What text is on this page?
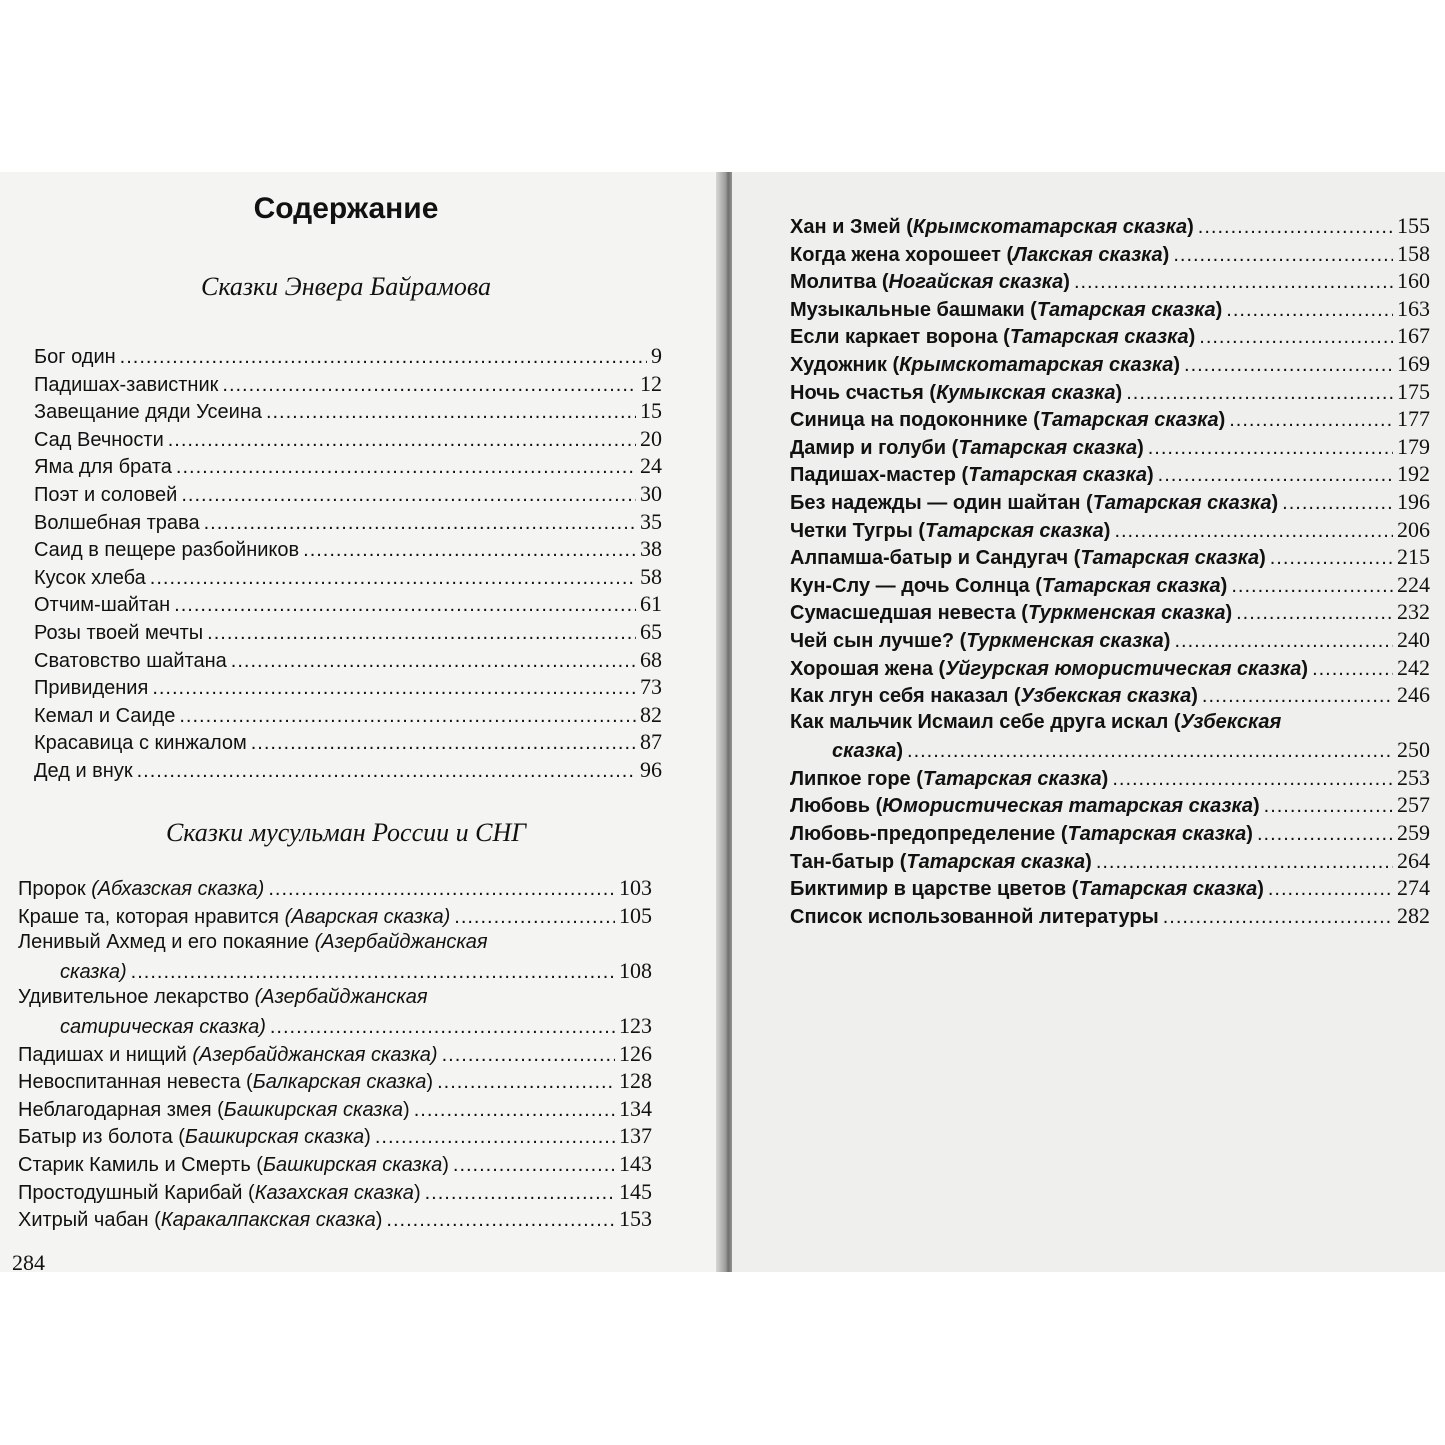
Содержание
Сказки Энвера Байрамова
Бог один .....	9
Падишах-завистник .....	12
Завещание дяди Усеина .....	15
Сад Вечности .....	20
Яма для брата .....	24
Поэт и соловей .....	30
Волшебная трава .....	35
Саид в пещере разбойников .....	38
Кусок хлеба .....	58
Отчим-шайтан .....	61
Розы твоей мечты .....	65
Сватовство шайтана .....	68
Привидения .....	73
Кемал и Саиде .....	82
Красавица с кинжалом .....	87
Дед и внук .....	96
Сказки мусульман России и СНГ
Пророк (Абхазская сказка) .....	103
Краше та, которая нравится (Аварская сказка) .....	105
Ленивый Ахмед и его покаяние (Азербайджанская
сказка) .....	108
Удивительное лекарство (Азербайджанская
сатирическая сказка) .....	123
Падишах и нищий (Азербайджанская сказка) .....	126
Невоспитанная невеста (Балкарская сказка) .....	128
Неблагодарная змея (Башкирская сказка) .....	134
Батыр из болота (Башкирская сказка) .....	137
Старик Камиль и Смерть (Башкирская сказка) .....	143
Простодушный Карибай (Казахская сказка) .....	145
Хитрый чабан (Каракалпакская сказка) .....	153
284
Хан и Змей (Крымскотатарская сказка) .....	155
Когда жена хорошеет (Лакская сказка) .....	158
Молитва (Ногайская сказка) .....	160
Музыкальные башмаки (Татарская сказка) .....	163
Если каркает ворона (Татарская сказка) .....	167
Художник (Крымскотатарская сказка) .....	169
Ночь счастья (Кумыкская сказка) .....	175
Синица на подоконнике (Татарская сказка) .....	177
Дамир и голуби (Татарская сказка) .....	179
Падишах-мастер (Татарская сказка) .....	192
Без надежды — один шайтан (Татарская сказка) .....	196
Четки Тугры (Татарская сказка) .....	206
Алпамша-батыр и Сандугач (Татарская сказка) .....	215
Кун-Слу — дочь Солнца (Татарская сказка) .....	224
Сумасшедшая невеста (Туркменская сказка) .....	232
Чей сын лучше? (Туркменская сказка) .....	240
Хорошая жена (Уйгурская юмористическая сказка) .....	242
Как лгун себя наказал (Узбекская сказка) .....	246
Как мальчик Исмаил себе друга искал (Узбекская
сказка) .....	250
Липкое горе (Татарская сказка) .....	253
Любовь (Юмористическая татарская сказка) .....	257
Любовь-предопределение (Татарская сказка) .....	259
Тан-батыр (Татарская сказка) .....	264
Биктимир в царстве цветов (Татарская сказка) .....	274
Список использованной литературы .....	282
